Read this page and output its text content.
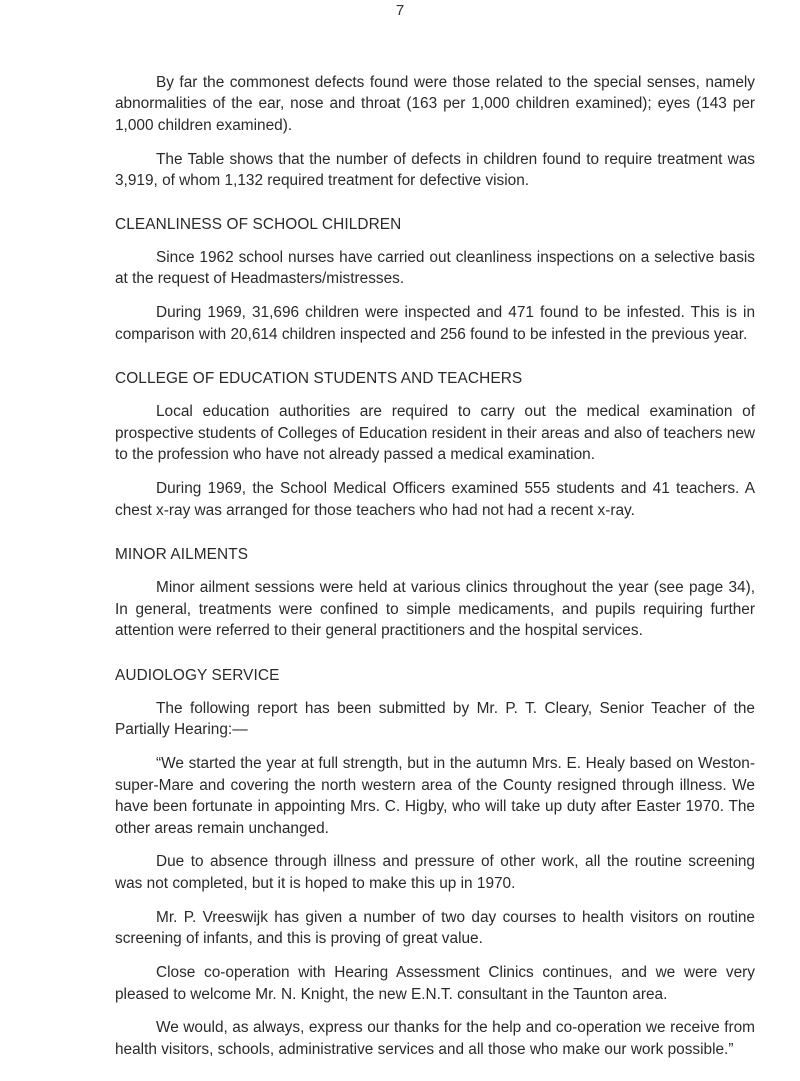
7

By far the commonest defects found were those related to the special senses, namely abnormalities of the ear, nose and throat (163 per 1,000 children examined); eyes (143 per 1,000 children examined).

The Table shows that the number of defects in children found to require treatment was 3,919, of whom 1,132 required treatment for defective vision.

CLEANLINESS OF SCHOOL CHILDREN

Since 1962 school nurses have carried out cleanliness inspections on a selective basis at the request of Headmasters/mistresses.

During 1969, 31,696 children were inspected and 471 found to be infested. This is in comparison with 20,614 children inspected and 256 found to be infested in the previous year.

COLLEGE OF EDUCATION STUDENTS AND TEACHERS

Local education authorities are required to carry out the medical examination of prospective students of Colleges of Education resident in their areas and also of teachers new to the profession who have not already passed a medical examination.

During 1969, the School Medical Officers examined 555 students and 41 teachers. A chest x-ray was arranged for those teachers who had not had a recent x-ray.

MINOR AILMENTS

Minor ailment sessions were held at various clinics throughout the year (see page 34), In general, treatments were confined to simple medicaments, and pupils requiring further attention were referred to their general practitioners and the hospital services.

AUDIOLOGY SERVICE

The following report has been submitted by Mr. P. T. Cleary, Senior Teacher of the Partially Hearing:—

“We started the year at full strength, but in the autumn Mrs. E. Healy based on Weston-super-Mare and covering the north western area of the County resigned through illness. We have been fortunate in appointing Mrs. C. Higby, who will take up duty after Easter 1970. The other areas remain unchanged.

Due to absence through illness and pressure of other work, all the routine screening was not completed, but it is hoped to make this up in 1970.

Mr. P. Vreeswijk has given a number of two day courses to health visitors on routine screening of infants, and this is proving of great value.

Close co-operation with Hearing Assessment Clinics continues, and we were very pleased to welcome Mr. N. Knight, the new E.N.T. consultant in the Taunton area.

We would, as always, express our thanks for the help and co-operation we receive from health visitors, schools, administrative services and all those who make our work possible.”
